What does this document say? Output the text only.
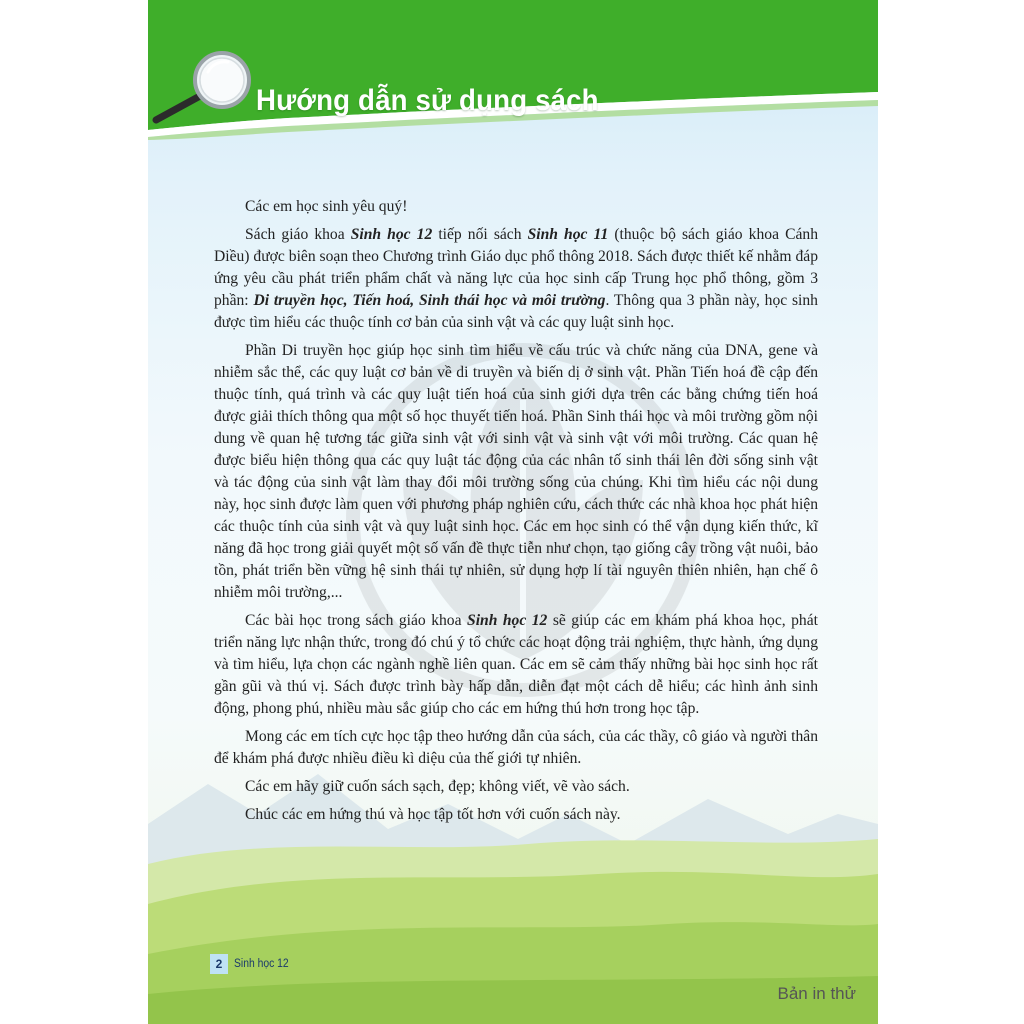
Hướng dẫn sử dụng sách

Các em học sinh yêu quý!

Sách giáo khoa Sinh học 12 tiếp nối sách Sinh học 11 (thuộc bộ sách giáo khoa Cánh Diều) được biên soạn theo Chương trình Giáo dục phổ thông 2018. Sách được thiết kế nhằm đáp ứng yêu cầu phát triển phẩm chất và năng lực của học sinh cấp Trung học phổ thông, gồm 3 phần: Di truyền học, Tiến hoá, Sinh thái học và môi trường. Thông qua 3 phần này, học sinh được tìm hiểu các thuộc tính cơ bản của sinh vật và các quy luật sinh học.

Phần Di truyền học giúp học sinh tìm hiểu về cấu trúc và chức năng của DNA, gene và nhiễm sắc thể, các quy luật cơ bản về di truyền và biến dị ở sinh vật. Phần Tiến hoá đề cập đến thuộc tính, quá trình và các quy luật tiến hoá của sinh giới dựa trên các bằng chứng tiến hoá được giải thích thông qua một số học thuyết tiến hoá. Phần Sinh thái học và môi trường gồm nội dung về quan hệ tương tác giữa sinh vật với sinh vật và sinh vật với môi trường. Các quan hệ được biểu hiện thông qua các quy luật tác động của các nhân tố sinh thái lên đời sống sinh vật và tác động của sinh vật làm thay đổi môi trường sống của chúng. Khi tìm hiểu các nội dung này, học sinh được làm quen với phương pháp nghiên cứu, cách thức các nhà khoa học phát hiện các thuộc tính của sinh vật và quy luật sinh học. Các em học sinh có thể vận dụng kiến thức, kĩ năng đã học trong giải quyết một số vấn đề thực tiễn như chọn, tạo giống cây trồng vật nuôi, bảo tồn, phát triển bền vững hệ sinh thái tự nhiên, sử dụng hợp lí tài nguyên thiên nhiên, hạn chế ô nhiễm môi trường,...

Các bài học trong sách giáo khoa Sinh học 12 sẽ giúp các em khám phá khoa học, phát triển năng lực nhận thức, trong đó chú ý tổ chức các hoạt động trải nghiệm, thực hành, ứng dụng và tìm hiểu, lựa chọn các ngành nghề liên quan. Các em sẽ cảm thấy những bài học sinh học rất gần gũi và thú vị. Sách được trình bày hấp dẫn, diễn đạt một cách dễ hiểu; các hình ảnh sinh động, phong phú, nhiều màu sắc giúp cho các em hứng thú hơn trong học tập.

Mong các em tích cực học tập theo hướng dẫn của sách, của các thầy, cô giáo và người thân để khám phá được nhiều điều kì diệu của thế giới tự nhiên.

Các em hãy giữ cuốn sách sạch, đẹp; không viết, vẽ vào sách.

Chúc các em hứng thú và học tập tốt hơn với cuốn sách này.

2	Sinh học 12
Bản in thử
